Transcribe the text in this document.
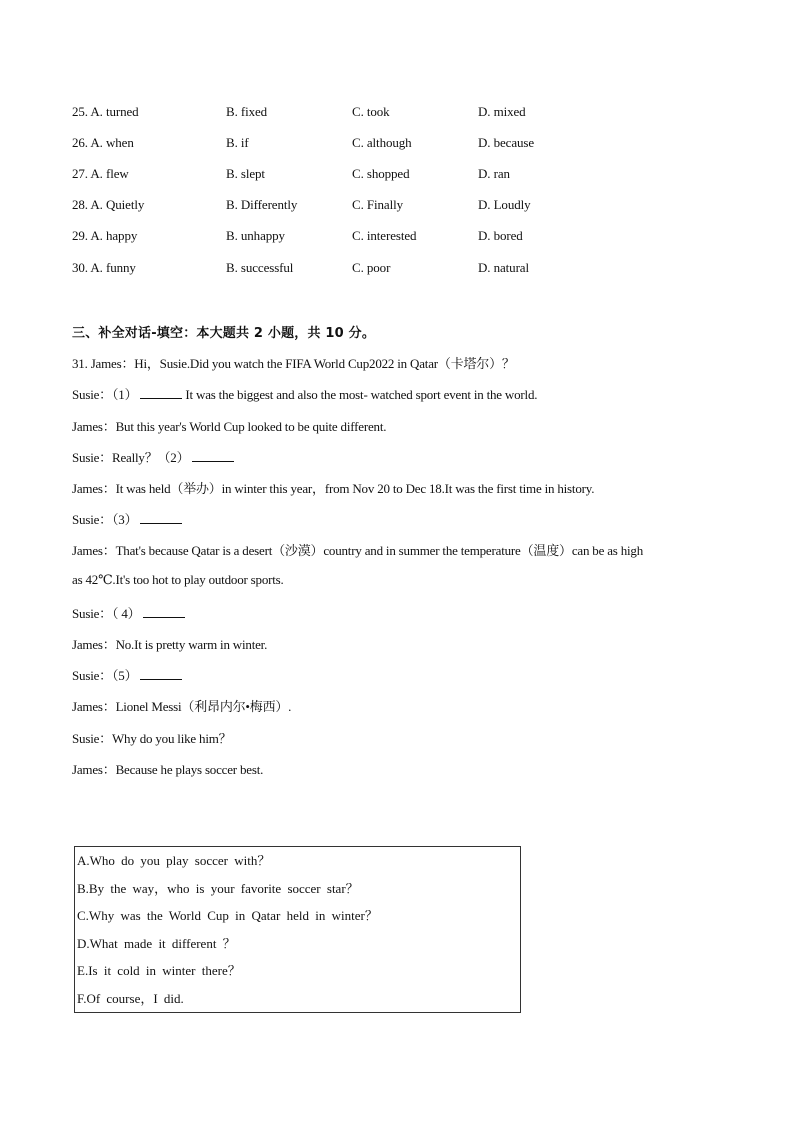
25. A. turned	B. fixed	C. took	D. mixed
26. A. when	B. if	C. although	D. because
27. A. flew	B. slept	C. shopped	D. ran
28. A. Quietly	B. Differently	C. Finally	D. Loudly
29. A. happy	B. unhappy	C. interested	D. bored
30. A. funny	B. successful	C. poor	D. natural
三、补全对话-填空：本大题共 2 小题，共 10 分。
31. James：Hi，Susie.Did you watch the FIFA World Cup2022 in Qatar（卡塔尔）？
Susie：（1）	It was the biggest and also the most- watched sport event in the world.
James：But this year's World Cup looked to be quite different.
Susie：Really？（2）
James：It was held（举办）in winter this year，from Nov 20 to Dec 18.It was the first time in history.
Susie：（3）
James：That's because Qatar is a desert（沙漠）country and in summer the temperature（温度）can be as high
as 42℃.It's too hot to play outdoor sports.
Susie：（ 4）
James：No.It is pretty warm in winter.
Susie：（5）
James：Lionel Messi（利昂内尔•梅西）.
Susie：Why do you like him？
James：Because he plays soccer best.
A.Who do you play soccer with？
B.By the way，who is your favorite soccer star？
C.Why was the World Cup in Qatar held in winter？
D.What made it different ？
E.Is it cold in winter there？
F.Of course，I did.
